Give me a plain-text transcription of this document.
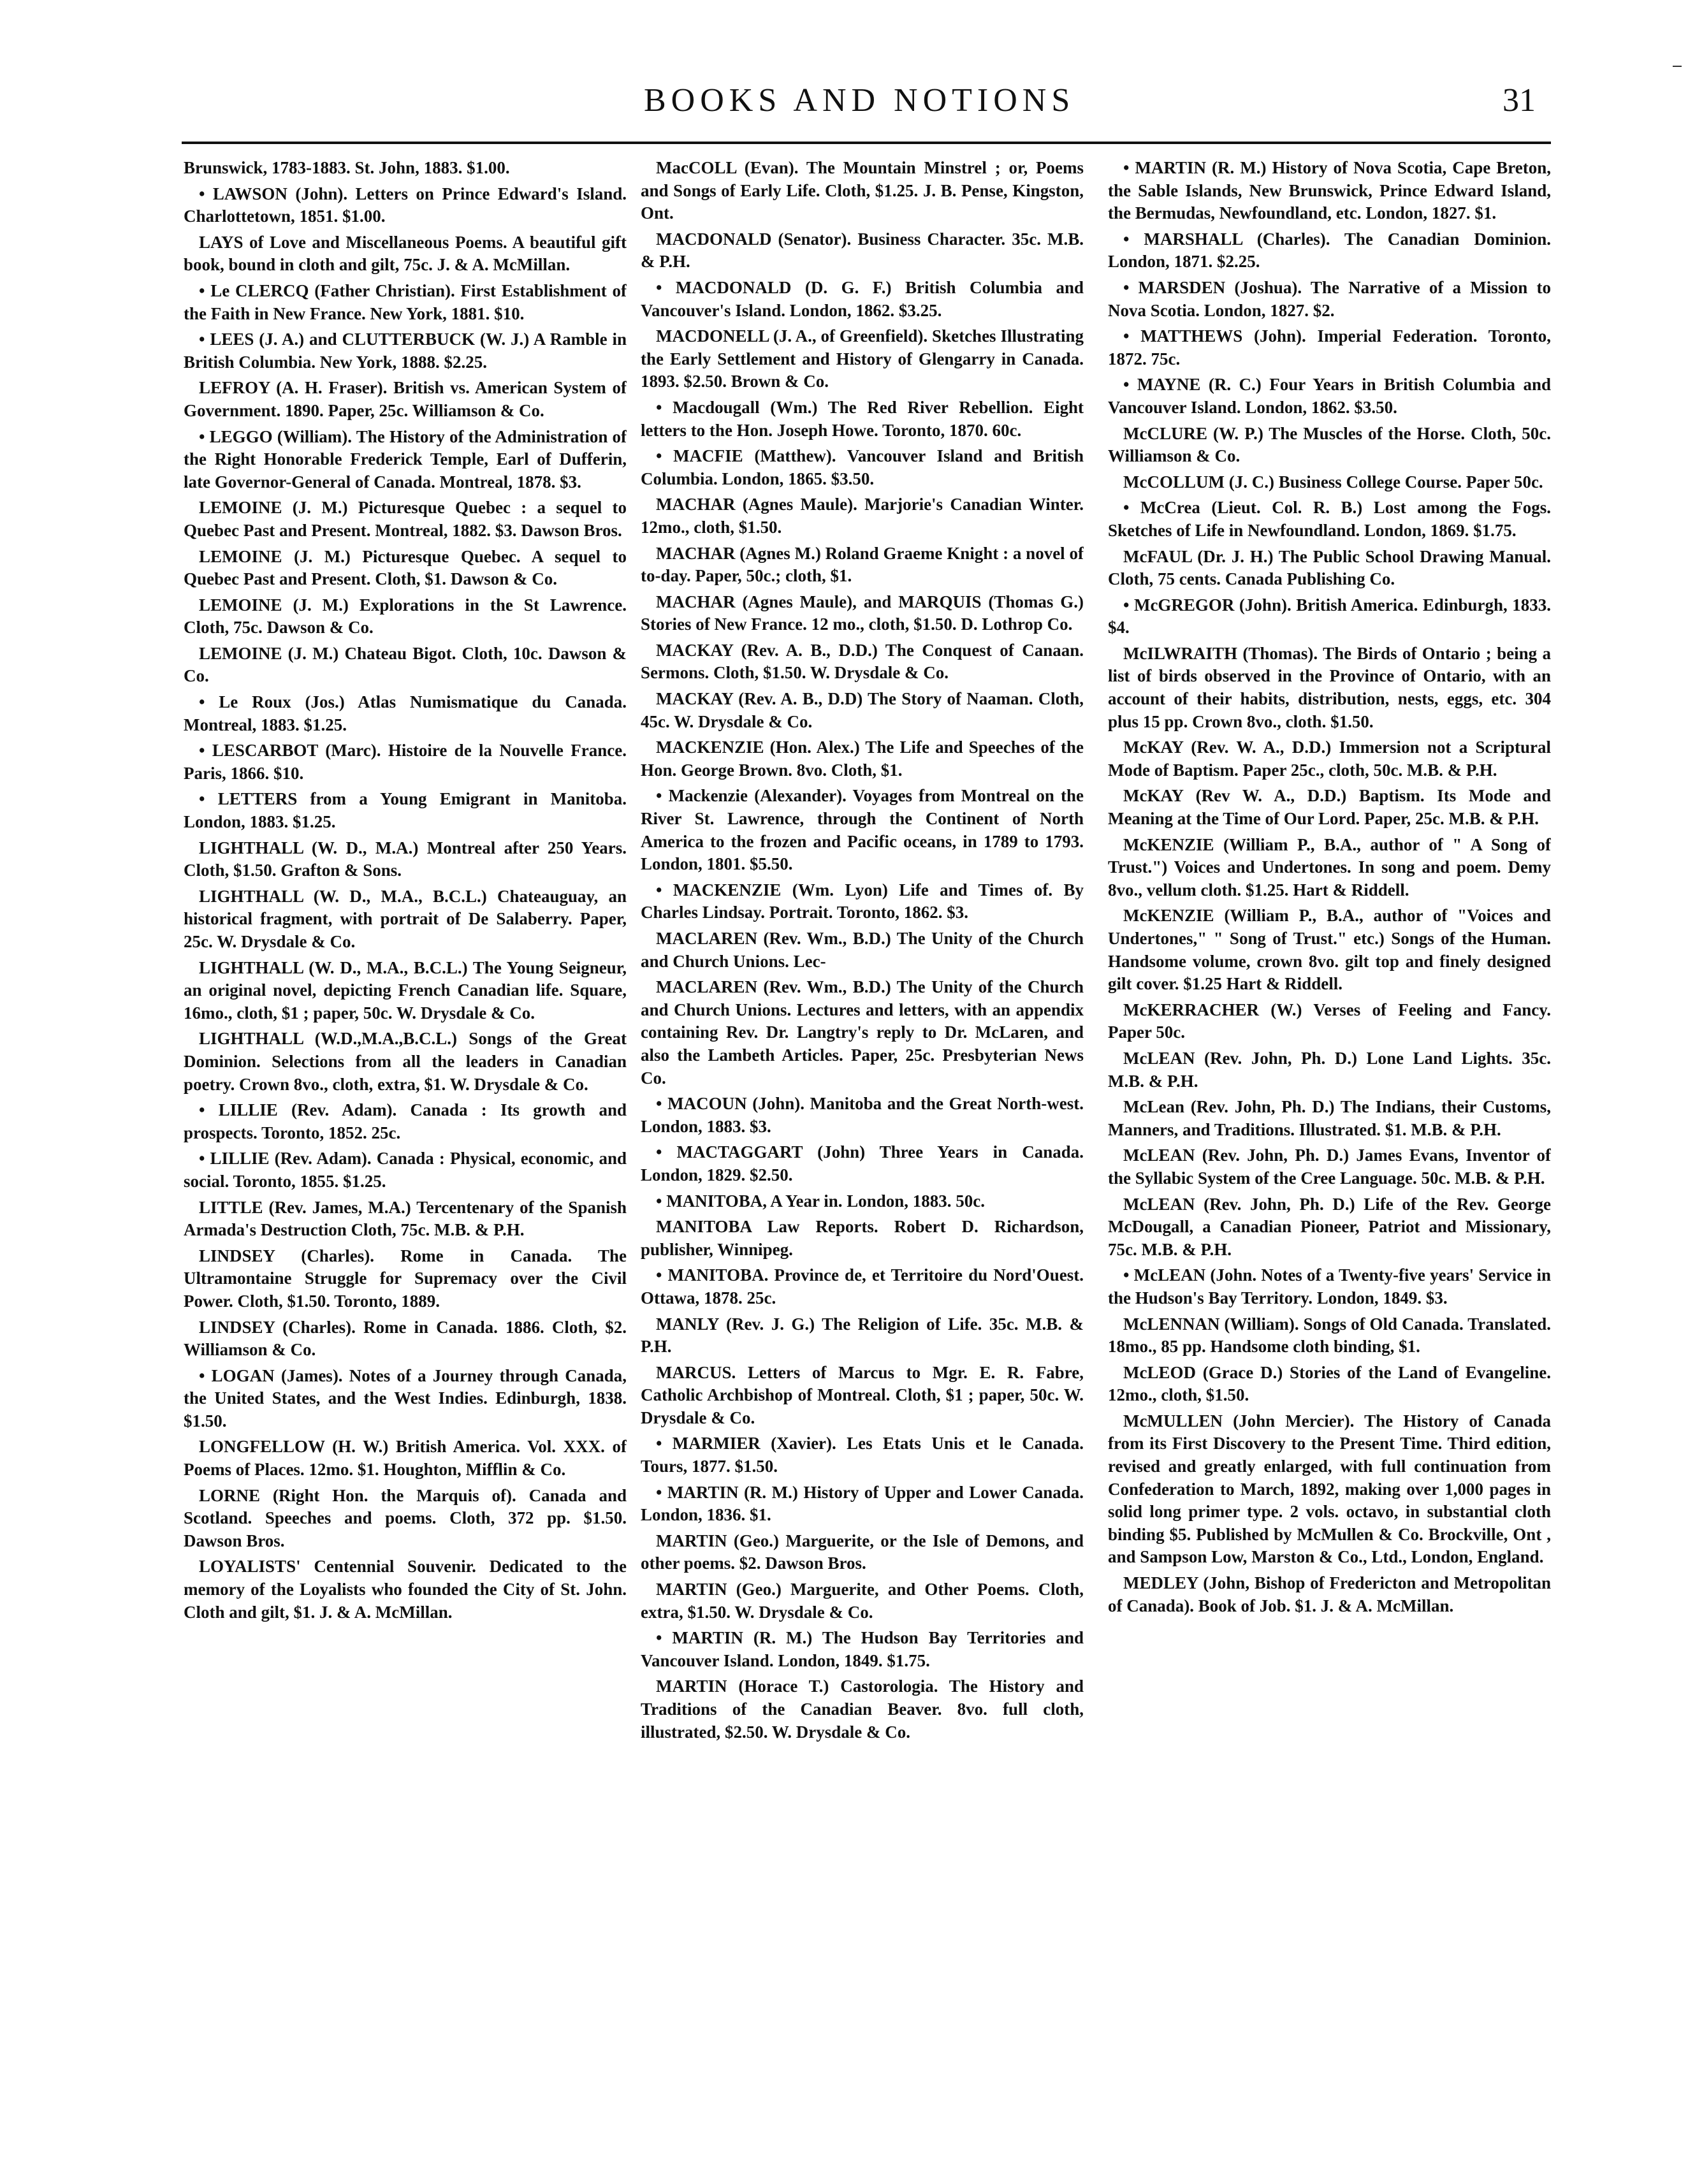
BOOKS AND NOTIONS	31

Brunswick, 1783-1883. St. John, 1883. $1.00.

• LAWSON (John). Letters on Prince Edward's Island. Charlottetown, 1851. $1.00.

LAYS of Love and Miscellaneous Poems. A beautiful gift book, bound in cloth and gilt, 75c. J. & A. McMillan.

• Le CLERCQ (Father Christian). First Establishment of the Faith in New France. New York, 1881. $10.

• LEES (J. A.) and CLUTTERBUCK (W. J.) A Ramble in British Columbia. New York, 1888. $2.25.

LEFROY (A. H. Fraser). British vs. American System of Government. 1890. Paper, 25c. Williamson & Co.

• LEGGO (William). The History of the Administration of the Right Honorable Frederick Temple, Earl of Dufferin, late Governor-General of Canada. Montreal, 1878. $3.

LEMOINE (J. M.) Picturesque Quebec : a sequel to Quebec Past and Present. Montreal, 1882. $3. Dawson Bros.

LEMOINE (J. M.) Picturesque Quebec. A sequel to Quebec Past and Present. Cloth, $1. Dawson & Co.

LEMOINE (J. M.) Explorations in the St Lawrence. Cloth, 75c. Dawson & Co.

LEMOINE (J. M.) Chateau Bigot. Cloth, 10c. Dawson & Co.

• Le Roux (Jos.) Atlas Numismatique du Canada. Montreal, 1883. $1.25.

• LESCARBOT (Marc). Histoire de la Nouvelle France. Paris, 1866. $10.

• LETTERS from a Young Emigrant in Manitoba. London, 1883. $1.25.

LIGHTHALL (W. D., M.A.) Montreal after 250 Years. Cloth, $1.50. Grafton & Sons.

LIGHTHALL (W. D., M.A., B.C.L.) Chateauguay, an historical fragment, with portrait of De Salaberry. Paper, 25c. W. Drysdale & Co.

LIGHTHALL (W. D., M.A., B.C.L.) The Young Seigneur, an original novel, depicting French Canadian life. Square, 16mo., cloth, $1 ; paper, 50c. W. Drysdale & Co.

LIGHTHALL (W.D.,M.A.,B.C.L.) Songs of the Great Dominion. Selections from all the leaders in Canadian poetry. Crown 8vo., cloth, extra, $1. W. Drysdale & Co.

• LILLIE (Rev. Adam). Canada : Its growth and prospects. Toronto, 1852. 25c.

• LILLIE (Rev. Adam). Canada : Physical, economic, and social. Toronto, 1855. $1.25.

LITTLE (Rev. James, M.A.) Tercentenary of the Spanish Armada's Destruction Cloth, 75c. M.B. & P.H.

LINDSEY (Charles). Rome in Canada. The Ultramontaine Struggle for Supremacy over the Civil Power. Cloth, $1.50. Toronto, 1889.

LINDSEY (Charles). Rome in Canada. 1886. Cloth, $2. Williamson & Co.

• LOGAN (James). Notes of a Journey through Canada, the United States, and the West Indies. Edinburgh, 1838. $1.50.

LONGFELLOW (H. W.) British America. Vol. XXX. of Poems of Places. 12mo. $1. Houghton, Mifflin & Co.

LORNE (Right Hon. the Marquis of). Canada and Scotland. Speeches and poems. Cloth, 372 pp. $1.50. Dawson Bros.

LOYALISTS' Centennial Souvenir. Dedicated to the memory of the Loyalists who founded the City of St. John. Cloth and gilt, $1. J. & A. McMillan.

MacCOLL (Evan). The Mountain Minstrel ; or, Poems and Songs of Early Life. Cloth, $1.25. J. B. Pense, Kingston, Ont.

MACDONALD (Senator). Business Character. 35c. M.B. & P.H.

• MACDONALD (D. G. F.) British Columbia and Vancouver's Island. London, 1862. $3.25.

MACDONELL (J. A., of Greenfield). Sketches Illustrating the Early Settlement and History of Glengarry in Canada. 1893. $2.50. Brown & Co.

• Macdougall (Wm.) The Red River Rebellion. Eight letters to the Hon. Joseph Howe. Toronto, 1870. 60c.

• MACFIE (Matthew). Vancouver Island and British Columbia. London, 1865. $3.50.

MACHAR (Agnes Maule). Marjorie's Canadian Winter. 12mo., cloth, $1.50.

MACHAR (Agnes M.) Roland Graeme Knight : a novel of to-day. Paper, 50c.; cloth, $1.

MACHAR (Agnes Maule), and MARQUIS (Thomas G.) Stories of New France. 12 mo., cloth, $1.50. D. Lothrop Co.

MACKAY (Rev. A. B., D.D.) The Conquest of Canaan. Sermons. Cloth, $1.50. W. Drysdale & Co.

MACKAY (Rev. A. B., D.D) The Story of Naaman. Cloth, 45c. W. Drysdale & Co.

MACKENZIE (Hon. Alex.) The Life and Speeches of the Hon. George Brown. 8vo. Cloth, $1.

• Mackenzie (Alexander). Voyages from Montreal on the River St. Lawrence, through the Continent of North America to the frozen and Pacific oceans, in 1789 to 1793. London, 1801. $5.50.

• MACKENZIE (Wm. Lyon) Life and Times of. By Charles Lindsay. Portrait. Toronto, 1862. $3.

MACLAREN (Rev. Wm., B.D.) The Unity of the Church and Church Unions. Lec-

MACLAREN (Rev. Wm., B.D.) The Unity of the Church and Church Unions. Lectures and letters, with an appendix containing Rev. Dr. Langtry's reply to Dr. McLaren, and also the Lambeth Articles. Paper, 25c. Presbyterian News Co.

• MACOUN (John). Manitoba and the Great North-west. London, 1883. $3.

• MACTAGGART (John) Three Years in Canada. London, 1829. $2.50.

• MANITOBA, A Year in. London, 1883. 50c.

MANITOBA Law Reports. Robert D. Richardson, publisher, Winnipeg.

• MANITOBA. Province de, et Territoire du Nord'Ouest. Ottawa, 1878. 25c.

MANLY (Rev. J. G.) The Religion of Life. 35c. M.B. & P.H.

MARCUS. Letters of Marcus to Mgr. E. R. Fabre, Catholic Archbishop of Montreal. Cloth, $1 ; paper, 50c. W. Drysdale & Co.

• MARMIER (Xavier). Les Etats Unis et le Canada. Tours, 1877. $1.50.

• MARTIN (R. M.) History of Upper and Lower Canada. London, 1836. $1.

MARTIN (Geo.) Marguerite, or the Isle of Demons, and other poems. $2. Dawson Bros.

MARTIN (Geo.) Marguerite, and Other Poems. Cloth, extra, $1.50. W. Drysdale & Co.

• MARTIN (R. M.) The Hudson Bay Territories and Vancouver Island. London, 1849. $1.75.

MARTIN (Horace T.) Castorologia. The History and Traditions of the Canadian Beaver. 8vo. full cloth, illustrated, $2.50. W. Drysdale & Co.

• MARTIN (R. M.) History of Nova Scotia, Cape Breton, the Sable Islands, New Brunswick, Prince Edward Island, the Bermudas, Newfoundland, etc. London, 1827. $1.

• MARSHALL (Charles). The Canadian Dominion. London, 1871. $2.25.

• MARSDEN (Joshua). The Narrative of a Mission to Nova Scotia. London, 1827. $2.

• MATTHEWS (John). Imperial Federation. Toronto, 1872. 75c.

• MAYNE (R. C.) Four Years in British Columbia and Vancouver Island. London, 1862. $3.50.

McCLURE (W. P.) The Muscles of the Horse. Cloth, 50c. Williamson & Co.

McCOLLUM (J. C.) Business College Course. Paper 50c.

• McCrea (Lieut. Col. R. B.) Lost among the Fogs. Sketches of Life in Newfoundland. London, 1869. $1.75.

McFAUL (Dr. J. H.) The Public School Drawing Manual. Cloth, 75 cents. Canada Publishing Co.

• McGREGOR (John). British America. Edinburgh, 1833. $4.

McILWRAITH (Thomas). The Birds of Ontario ; being a list of birds observed in the Province of Ontario, with an account of their habits, distribution, nests, eggs, etc. 304 plus 15 pp. Crown 8vo., cloth. $1.50.

McKAY (Rev. W. A., D.D.) Immersion not a Scriptural Mode of Baptism. Paper 25c., cloth, 50c. M.B. & P.H.

McKAY (Rev W. A., D.D.) Baptism. Its Mode and Meaning at the Time of Our Lord. Paper, 25c. M.B. & P.H.

McKENZIE (William P., B.A., author of " A Song of Trust.") Voices and Undertones. In song and poem. Demy 8vo., vellum cloth. $1.25. Hart & Riddell.

McKENZIE (William P., B.A., author of "Voices and Undertones," " Song of Trust." etc.) Songs of the Human. Handsome volume, crown 8vo. gilt top and finely designed gilt cover. $1.25 Hart & Riddell.

McKERRACHER (W.) Verses of Feeling and Fancy. Paper 50c.

McLEAN (Rev. John, Ph. D.) Lone Land Lights. 35c. M.B. & P.H.

McLean (Rev. John, Ph. D.) The Indians, their Customs, Manners, and Traditions. Illustrated. $1. M.B. & P.H.

McLEAN (Rev. John, Ph. D.) James Evans, Inventor of the Syllabic System of the Cree Language. 50c. M.B. & P.H.

McLEAN (Rev. John, Ph. D.) Life of the Rev. George McDougall, a Canadian Pioneer, Patriot and Missionary, 75c. M.B. & P.H.

• McLEAN (John. Notes of a Twenty-five years' Service in the Hudson's Bay Territory. London, 1849. $3.

McLENNAN (William). Songs of Old Canada. Translated. 18mo., 85 pp. Handsome cloth binding, $1.

McLEOD (Grace D.) Stories of the Land of Evangeline. 12mo., cloth, $1.50.

McMULLEN (John Mercier). The History of Canada from its First Discovery to the Present Time. Third edition, revised and greatly enlarged, with full continuation from Confederation to March, 1892, making over 1,000 pages in solid long primer type. 2 vols. octavo, in substantial cloth binding $5. Published by McMullen & Co. Brockville, Ont , and Sampson Low, Marston & Co., Ltd., London, England.

MEDLEY (John, Bishop of Fredericton and Metropolitan of Canada). Book of Job. $1. J. & A. McMillan.
